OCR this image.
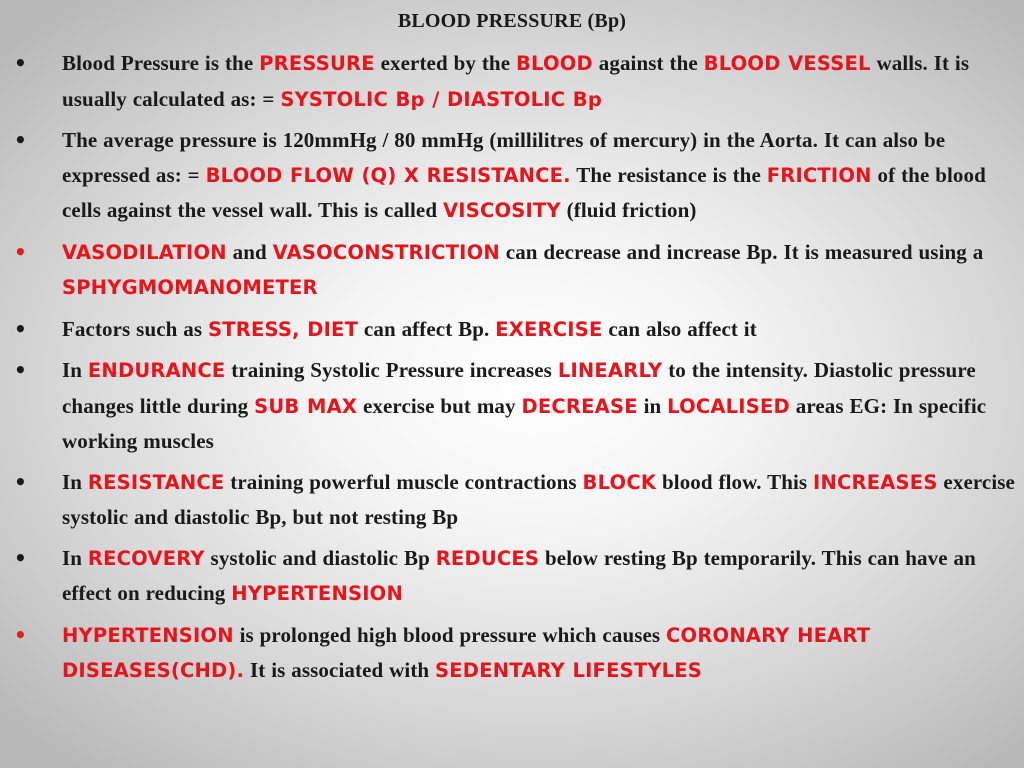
BLOOD PRESSURE (Bp)
•	Blood Pressure is the PRESSURE exerted by the BLOOD against the BLOOD VESSEL walls. It is usually calculated as: = SYSTOLIC Bp / DIASTOLIC Bp
•	The average pressure is 120mmHg / 80 mmHg (millilitres of mercury) in the Aorta. It can also be expressed as: = BLOOD FLOW (Q) X RESISTANCE. The resistance is the FRICTION of the blood cells against the vessel wall. This is called VISCOSITY (fluid friction)
•	VASODILATION and VASOCONSTRICTION can decrease and increase Bp. It is measured using a SPHYGMOMANOMETER
•	Factors such as STRESS, DIET can affect Bp. EXERCISE can also affect it
•	In ENDURANCE training Systolic Pressure increases LINEARLY to the intensity. Diastolic pressure changes little during SUB MAX exercise but may DECREASE in LOCALISED areas EG: In specific working muscles
•	In RESISTANCE training powerful muscle contractions BLOCK blood flow. This INCREASES exercise systolic and diastolic Bp, but not resting Bp
•	In RECOVERY systolic and diastolic Bp REDUCES below resting Bp temporarily. This can have an effect on reducing HYPERTENSION
•	HYPERTENSION is prolonged high blood pressure which causes CORONARY HEART DISEASES(CHD). It is associated with SEDENTARY LIFESTYLES
